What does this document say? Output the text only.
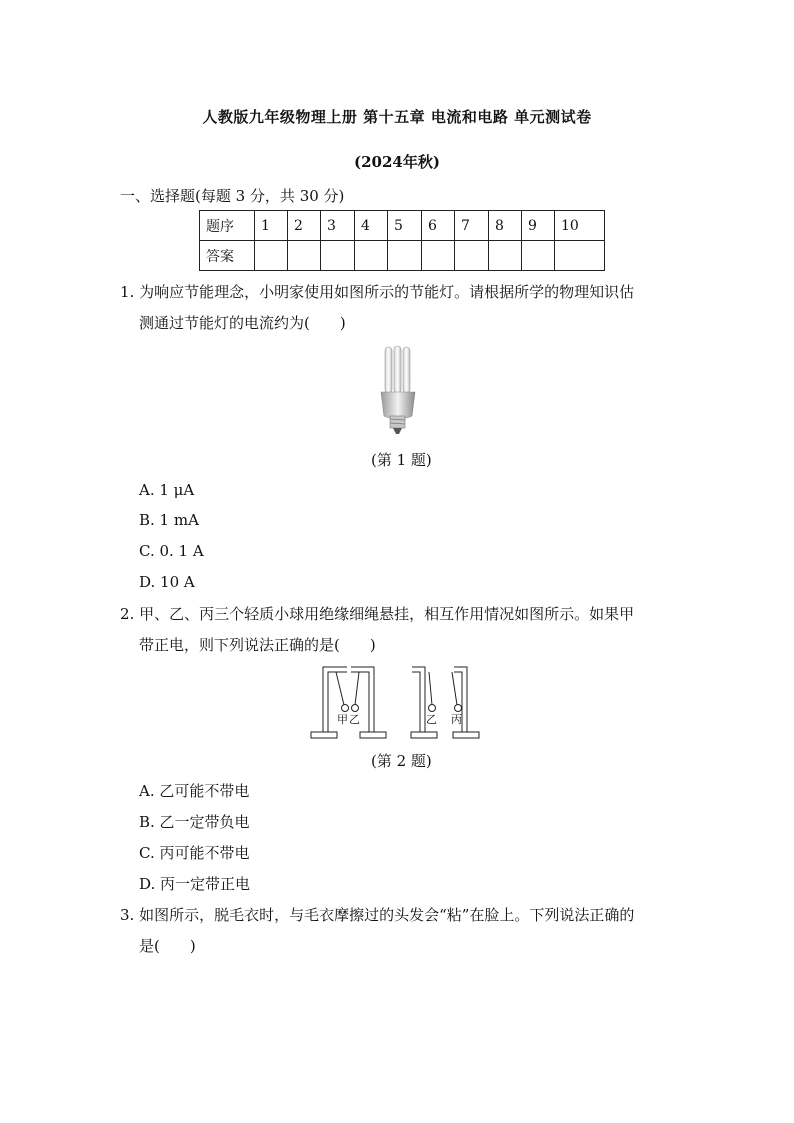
人教版九年级物理上册 第十五章 电流和电路 单元测试卷
(2024年秋)
一、选择题(每题 3 分，共 30 分)
题序	1	2	3	4	5	6	7	8	9	10
答案										
1. 为响应节能理念，小明家使用如图所示的节能灯。请根据所学的物理知识估
测通过节能灯的电流约为(　　)
(第 1 题)
A. 1 μA
B. 1 mA
C. 0. 1 A
D. 10 A
2. 甲、乙、丙三个轻质小球用绝缘细绳悬挂，相互作用情况如图所示。如果甲
带正电，则下列说法正确的是(　　)
甲 乙	乙 丙
(第 2 题)
A. 乙可能不带电
B. 乙一定带负电
C. 丙可能不带电
D. 丙一定带正电
3. 如图所示，脱毛衣时，与毛衣摩擦过的头发会“粘”在脸上。下列说法正确的
是(　　)
